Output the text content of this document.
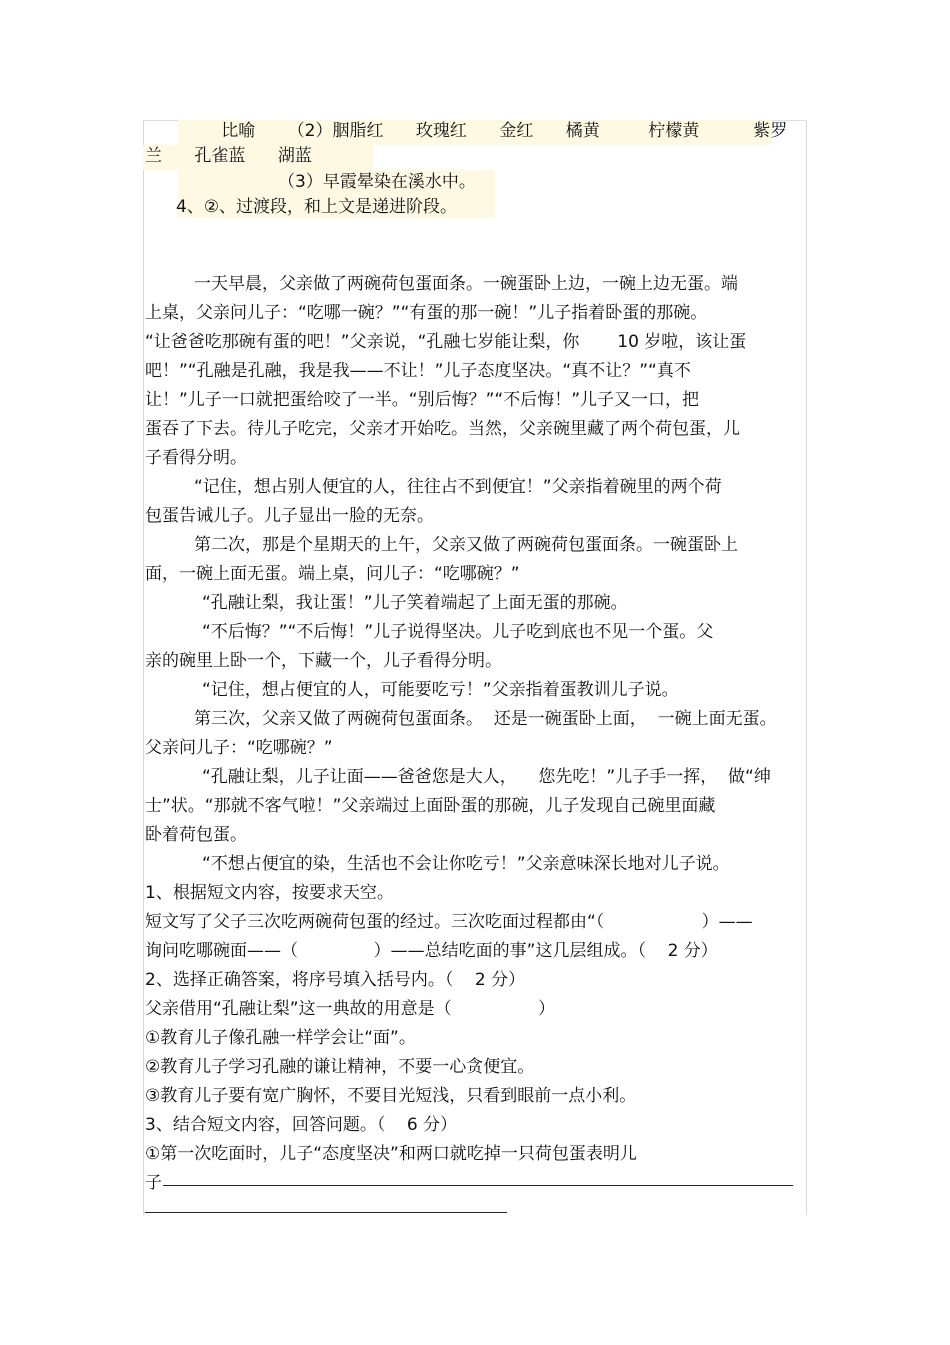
比喻      （2）胭脂红      玫瑰红      金红      橘黄         柠檬黄          紫罗
兰      孔雀蓝      湖蓝
（3）早霞晕染在溪水中。
4、②、过渡段，和上文是递进阶段。
一天早晨，父亲做了两碗荷包蛋面条。一碗蛋卧上边，一碗上边无蛋。端
上桌，父亲问儿子：“吃哪一碗？”“有蛋的那一碗！”儿子指着卧蛋的那碗。
“让爸爸吃那碗有蛋的吧！”父亲说，“孔融七岁能让梨，你       10 岁啦，该让蛋
吧！”“孔融是孔融，我是我——不让！”儿子态度坚决。“真不让？”“真不
让！”儿子一口就把蛋给咬了一半。“别后悔？”“不后悔！”儿子又一口，把
蛋吞了下去。待儿子吃完，父亲才开始吃。当然，父亲碗里藏了两个荷包蛋，儿
子看得分明。
“记住，想占别人便宜的人，往往占不到便宜！”父亲指着碗里的两个荷
包蛋告诫儿子。儿子显出一脸的无奈。
第二次，那是个星期天的上午，父亲又做了两碗荷包蛋面条。一碗蛋卧上
面，一碗上面无蛋。端上桌，问儿子：“吃哪碗？”
“孔融让梨，我让蛋！”儿子笑着端起了上面无蛋的那碗。
“不后悔？”“不后悔！”儿子说得坚决。儿子吃到底也不见一个蛋。父
亲的碗里上卧一个，下藏一个，儿子看得分明。
“记住，想占便宜的人，可能要吃亏！”父亲指着蛋教训儿子说。
第三次，父亲又做了两碗荷包蛋面条。  还是一碗蛋卧上面，  一碗上面无蛋。
父亲问儿子：“吃哪碗？”
“孔融让梨，儿子让面——爸爸您是大人，    您先吃！”儿子手一挥，  做“绅
士”状。“那就不客气啦！”父亲端过上面卧蛋的那碗，儿子发现自己碗里面藏
卧着荷包蛋。
“不想占便宜的染，生活也不会让你吃亏！”父亲意味深长地对儿子说。
1、根据短文内容，按要求天空。
短文写了父子三次吃两碗荷包蛋的经过。三次吃面过程都由“（                  ）——
询问吃哪碗面——（              ）——总结吃面的事”这几层组成。（    2 分）
2、选择正确答案，将序号填入括号内。（    2 分）
父亲借用“孔融让梨”这一典故的用意是（                ）
①教育儿子像孔融一样学会让“面”。
②教育儿子学习孔融的谦让精神，不要一心贪便宜。
③教育儿子要有宽广胸怀，不要目光短浅，只看到眼前一点小利。
3、结合短文内容，回答问题。（    6 分）
①第一次吃面时，儿子“态度坚决”和两口就吃掉一只荷包蛋表明儿
子
